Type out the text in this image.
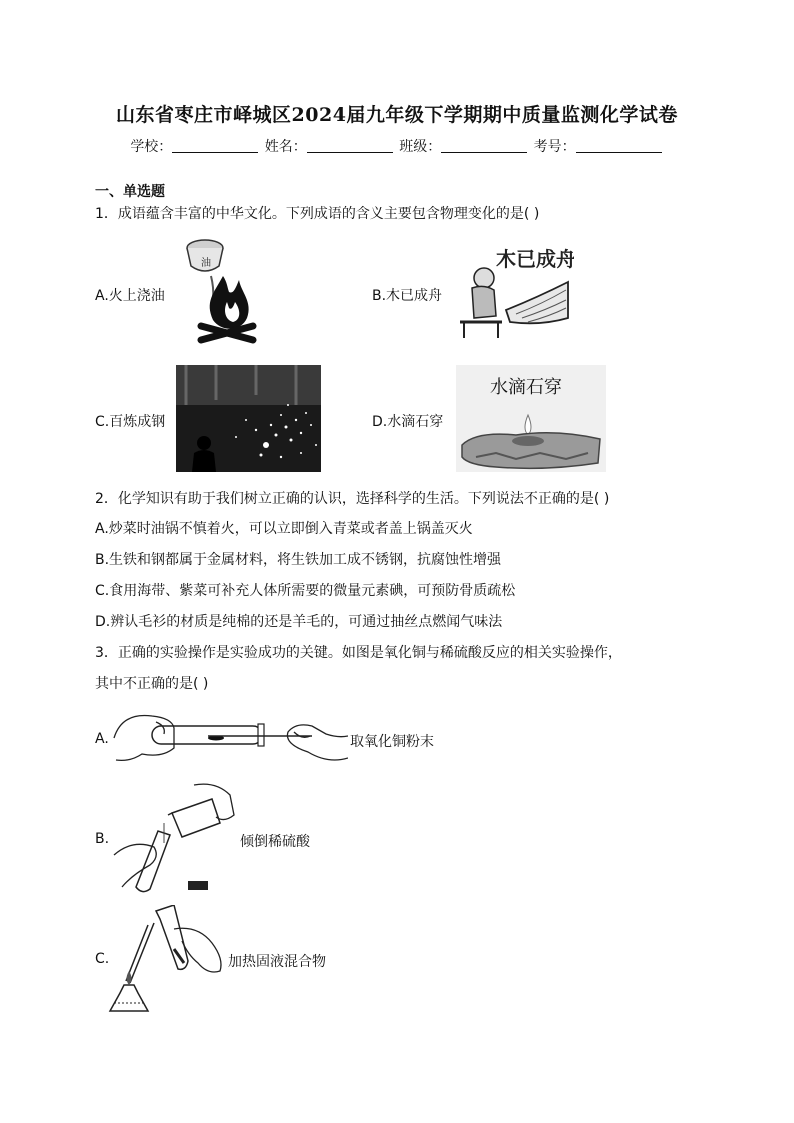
山东省枣庄市峄城区2024届九年级下学期期中质量监测化学试卷
学校：	姓名：	班级：	考号：
一、单选题
1．成语蕴含丰富的中华文化。下列成语的含义主要包含物理变化的是( )
A.火上浇油
油
B.木已成舟
木已成舟
C.百炼成钢	D.水滴石穿
水滴石穿
2．化学知识有助于我们树立正确的认识，选择科学的生活。下列说法不正确的是( )
A.炒菜时油锅不慎着火，可以立即倒入青菜或者盖上锅盖灭火
B.生铁和钢都属于金属材料，将生铁加工成不锈钢，抗腐蚀性增强
C.食用海带、紫菜可补充人体所需要的微量元素碘，可预防骨质疏松
D.辨认毛衫的材质是纯棉的还是羊毛的，可通过抽丝点燃闻气味法
3．正确的实验操作是实验成功的关键。如图是氧化铜与稀硫酸反应的相关实验操作，
其中不正确的是( )
A.	取氧化铜粉末
B.	倾倒稀硫酸
C.	加热固液混合物
